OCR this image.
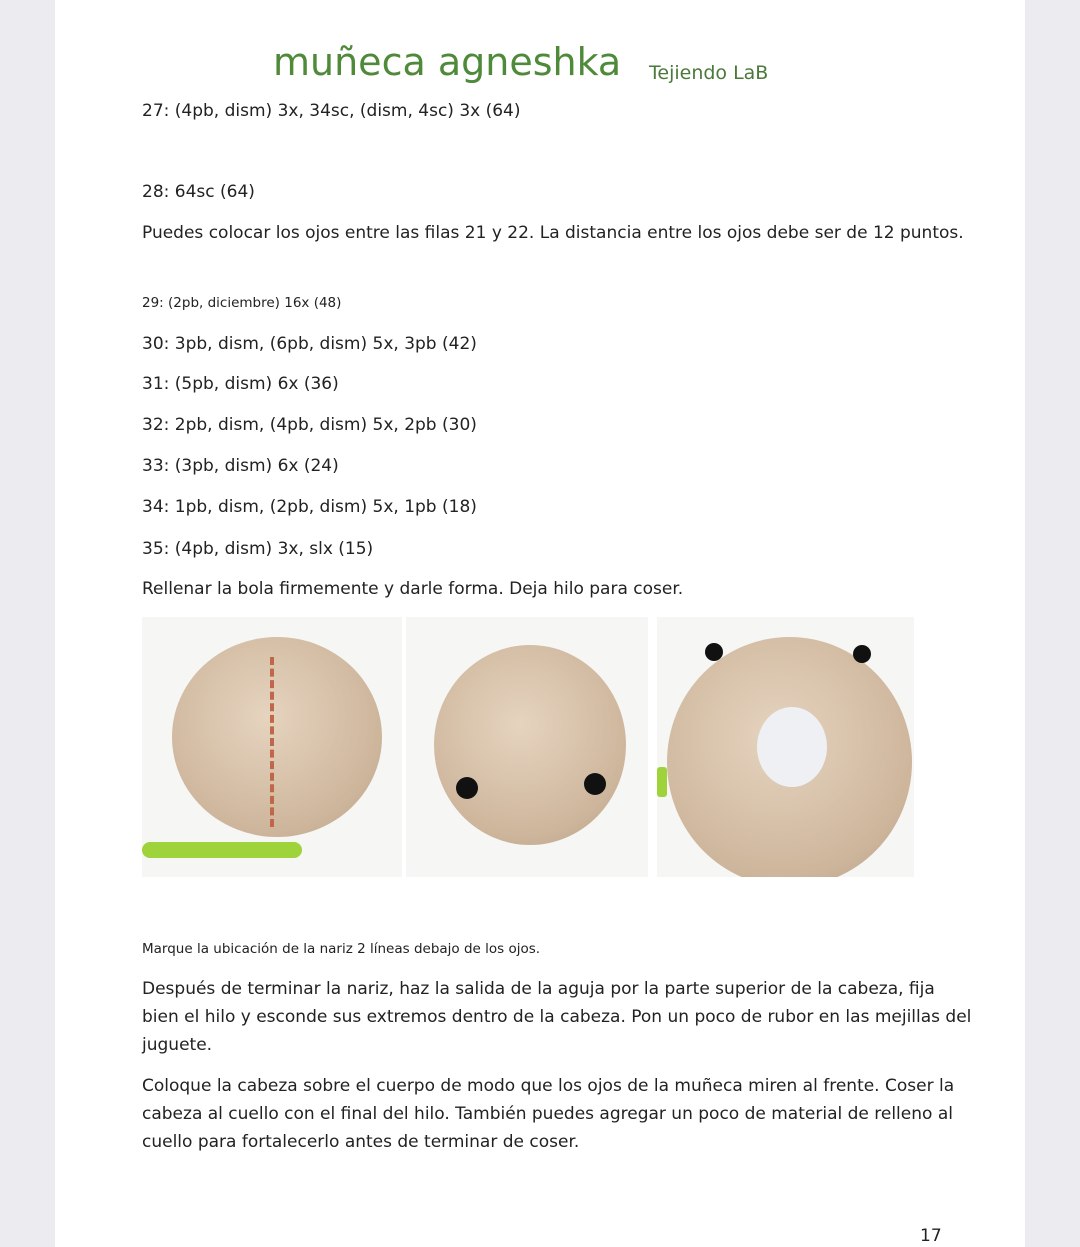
muñeca agneshka Tejiendo LaB
27: (4pb, dism) 3x, 34sc, (dism, 4sc) 3x (64)
28: 64sc (64)
Puedes colocar los ojos entre las filas 21 y 22. La distancia entre los ojos debe ser de 12 puntos.
29: (2pb, diciembre) 16x (48)
30: 3pb, dism, (6pb, dism) 5x, 3pb (42)
31: (5pb, dism) 6x (36)
32: 2pb, dism, (4pb, dism) 5x, 2pb (30)
33: (3pb, dism) 6x (24)
34: 1pb, dism, (2pb, dism) 5x, 1pb (18)
35: (4pb, dism) 3x, slx (15)
Rellenar la bola firmemente y darle forma. Deja hilo para coser.
Marque la ubicación de la nariz 2 líneas debajo de los ojos.
Después de terminar la nariz, haz la salida de la aguja por la parte superior de la cabeza, fija bien el hilo y esconde sus extremos dentro de la cabeza. Pon un poco de rubor en las mejillas del juguete.
Coloque la cabeza sobre el cuerpo de modo que los ojos de la muñeca miren al frente. Coser la cabeza al cuello con el final del hilo. También puedes agregar un poco de material de relleno al cuello para fortalecerlo antes de terminar de coser.
17
